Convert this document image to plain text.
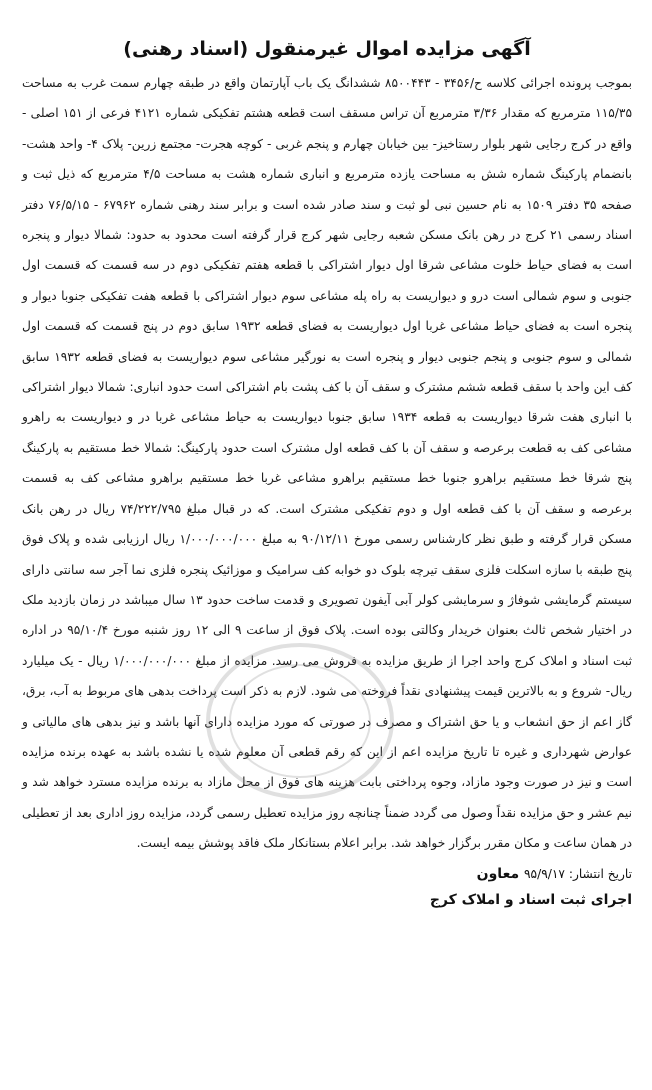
آگهی مزایده اموال غیرمنقول (اسناد رهنی)

بموجب پرونده اجرائی کلاسه ح/۳۴۵۶ - ۸۵۰۰۴۴۳ ششدانگ یک باب آپارتمان واقع در طبقه چهارم سمت غرب به مساحت ۱۱۵/۳۵ مترمربع که مقدار ۳/۳۶ مترمربع آن تراس مسقف است قطعه هشتم تفکیکی شماره ۴۱۲۱ فرعی از ۱۵۱ اصلی - واقع در کرج رجایی شهر بلوار رستاخیز- بین خیابان چهارم و پنجم غربی - کوچه هجرت- مجتمع زرین- پلاک ۴- واحد هشت- بانضمام پارکینگ شماره شش به مساحت یازده مترمربع و انباری شماره هشت به مساحت ۴/۵ مترمربع که ذیل ثبت و صفحه ۳۵ دفتر ۱۵۰۹ به نام حسین نبی لو ثبت و سند صادر شده است و برابر سند رهنی شماره ۶۷۹۶۲ - ۷۶/۵/۱۵ دفتر اسناد رسمی ۲۱ کرج در رهن بانک مسکن شعبه رجایی شهر کرج قرار گرفته است محدود به حدود: شمالا دیوار و پنجره است به فضای حیاط خلوت مشاعی شرقا اول دیوار اشتراکی با قطعه هفتم تفکیکی دوم در سه قسمت که قسمت اول جنوبی و سوم شمالی است درو و دیواریست به راه پله مشاعی سوم دیوار اشتراکی با قطعه هفت تفکیکی جنوبا دیوار و پنجره است به فضای حیاط مشاعی غربا اول دیواریست به فضای قطعه ۱۹۳۲ سابق دوم در پنج قسمت که قسمت اول شمالی و سوم جنوبی و پنجم جنوبی دیوار و پنجره است به نورگیر مشاعی سوم دیواریست به فضای قطعه ۱۹۳۲ سابق کف این واحد با سقف قطعه ششم مشترک و سقف آن با کف پشت بام اشتراکی است حدود انباری: شمالا دیوار اشتراکی با انباری هفت شرقا دیواریست به قطعه ۱۹۳۴ سابق جنوبا دیواریست به حیاط مشاعی غربا در و دیواریست به راهرو مشاعی کف به قطعت برعرصه و سقف آن با کف قطعه اول مشترک است حدود پارکینگ: شمالا خط مستقیم به پارکینگ پنج شرقا خط مستقیم براهرو جنوبا خط مستقیم براهرو مشاعی غربا خط مستقیم براهرو مشاعی کف به قسمت برعرصه و سقف آن با کف قطعه اول و دوم تفکیکی مشترک است. که در قبال مبلغ ۷۴/۲۲۲/۷۹۵ ریال در رهن بانک مسکن قرار گرفته و طبق نظر کارشناس رسمی مورخ ۹۰/۱۲/۱۱ به مبلغ ۱/۰۰۰/۰۰۰/۰۰۰ ریال ارزیابی شده و پلاک فوق پنج طبقه با سازه اسکلت فلزی سقف تیرچه بلوک دو خوابه کف سرامیک و موزائیک پنجره فلزی نما آجر سه سانتی دارای سیستم گرمایشی شوفاژ و سرمایشی کولر آبی آیفون تصویری و قدمت ساخت حدود ۱۳ سال میباشد در زمان بازدید ملک در اختیار شخص ثالث بعنوان خریدار وکالتی بوده است. پلاک فوق از ساعت ۹ الی ۱۲ روز شنبه مورخ ۹۵/۱۰/۴ در اداره ثبت اسناد و املاک کرج واحد اجرا از طریق مزایده به فروش می رسد. مزایده از مبلغ ۱/۰۰۰/۰۰۰/۰۰۰ ریال - یک میلیارد ریال- شروع و به بالاترین قیمت پیشنهادی نقداً فروخته می شود. لازم به ذکر است پرداخت بدهی های مربوط به آب، برق، گاز اعم از حق انشعاب و یا حق اشتراک و مصرف در صورتی که مورد مزایده دارای آنها باشد و نیز بدهی های مالیاتی و عوارض شهرداری و غیره تا تاریخ مزایده اعم از این که رقم قطعی آن معلوم شده یا نشده باشد به عهده برنده مزایده است و نیز در صورت وجود مازاد، وجوه پرداختی بابت هزینه های فوق از محل مازاد به برنده مزایده مسترد خواهد شد و نیم عشر و حق مزایده نقداً وصول می گردد ضمناً چنانچه روز مزایده تعطیل رسمی گردد، مزایده روز اداری بعد از تعطیلی در همان ساعت و مکان مقرر برگزار خواهد شد. برابر اعلام بستانکار ملک فاقد پوشش بیمه ایست.

تاریخ انتشار: ۹۵/۹/۱۷ معاون
اجرای ثبت اسناد و املاک کرج
